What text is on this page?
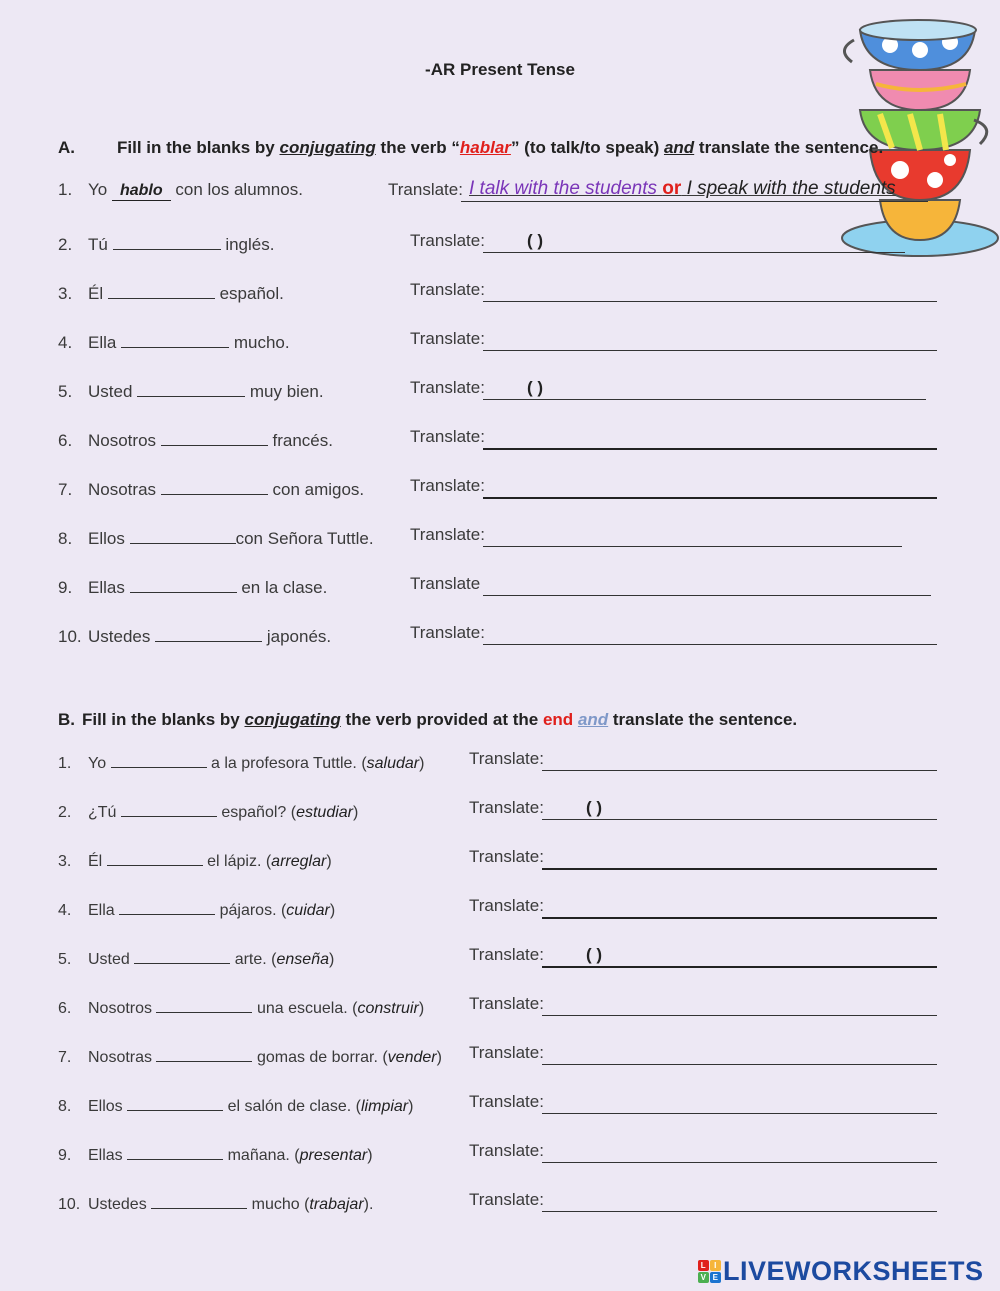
-AR Present Tense
A. Fill in the blanks by conjugating the verb “hablar” (to talk/to speak) and translate the sentence.
1. Yo hablo con los alumnos.	Translate: I talk with the students or I speak with the students
2. Tú	inglés.	Translate: ( )
3. Él	español.	Translate:
4. Ella	mucho.	Translate:
5. Usted	muy bien.	Translate: ( )
6. Nosotros	francés.	Translate:
7. Nosotras	con amigos.	Translate:
8. Ellos	con Señora Tuttle. Translate:
9. Ellas	en la clase.	Translate
10. Ustedes	japonés.	Translate:
B. Fill in the blanks by conjugating the verb provided at the end and translate the sentence.
1. Yo	a la profesora Tuttle. (saludar)	Translate:
2. ¿Tú	español? (estudiar)	Translate: ( )
3. Él	el lápiz. (arreglar)	Translate:
4. Ella	pájaros. (cuidar)	Translate:
5. Usted	arte. (enseña)	Translate: ( )
6. Nosotros	una escuela. (construir)	Translate:
7. Nosotras	gomas de borrar. (vender) Translate:
8. Ellos	el salón de clase. (limpiar)	Translate:
9. Ellas	mañana. (presentar)	Translate:
10. Ustedes	mucho (trabajar).	Translate:
L I
V E LIVEWORKSHEETS
